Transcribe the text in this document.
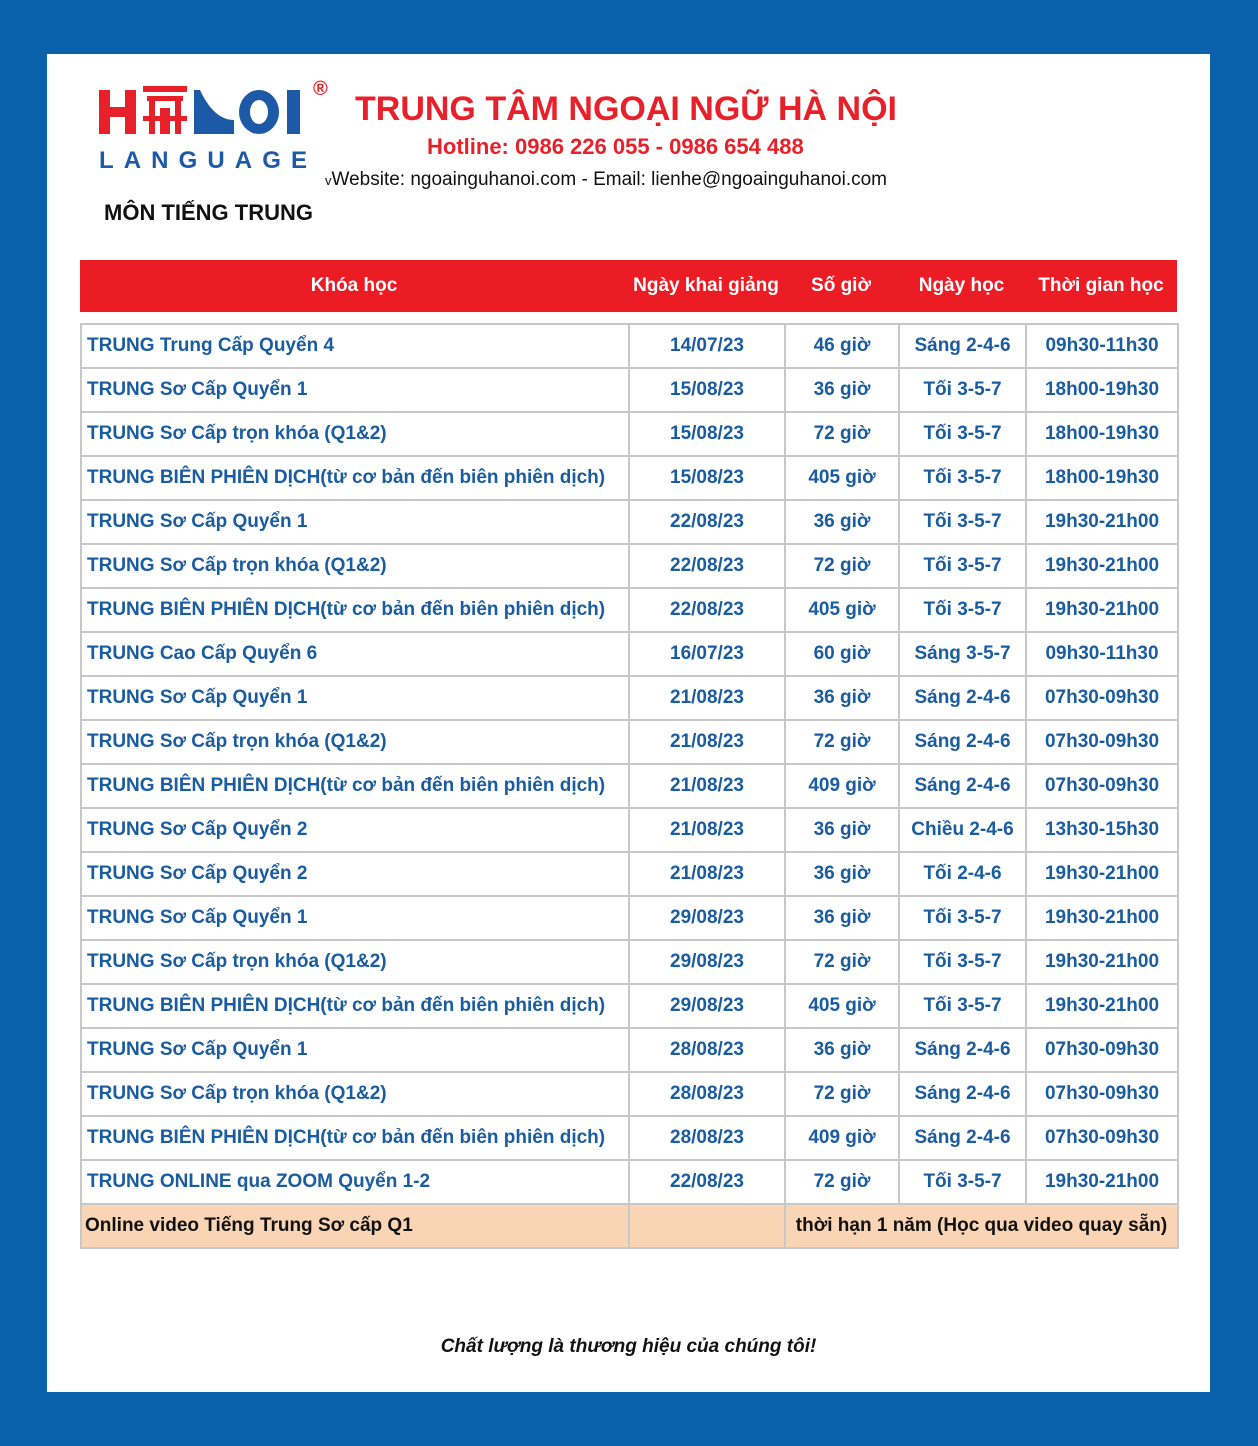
LANGUAGE
®
TRUNG TÂM NGOẠI NGỮ HÀ NỘI
Hotline: 0986 226 055 - 0986 654 488
vWebsite: ngoainguhanoi.com - Email: lienhe@ngoainguhanoi.com
MÔN TIẾNG TRUNG
Khóa học	Ngày khai giảng	Số giờ	Ngày học	Thời gian học
TRUNG Trung Cấp Quyển 4	14/07/23	46 giờ	Sáng 2-4-6	09h30-11h30
TRUNG Sơ Cấp Quyển 1	15/08/23	36 giờ	Tối 3-5-7	18h00-19h30
TRUNG Sơ Cấp trọn khóa (Q1&2)	15/08/23	72 giờ	Tối 3-5-7	18h00-19h30
TRUNG BIÊN PHIÊN DỊCH(từ cơ bản đến biên phiên dịch)	15/08/23	405 giờ	Tối 3-5-7	18h00-19h30
TRUNG Sơ Cấp Quyển 1	22/08/23	36 giờ	Tối 3-5-7	19h30-21h00
TRUNG Sơ Cấp trọn khóa (Q1&2)	22/08/23	72 giờ	Tối 3-5-7	19h30-21h00
TRUNG BIÊN PHIÊN DỊCH(từ cơ bản đến biên phiên dịch)	22/08/23	405 giờ	Tối 3-5-7	19h30-21h00
TRUNG Cao Cấp Quyển 6	16/07/23	60 giờ	Sáng 3-5-7	09h30-11h30
TRUNG Sơ Cấp Quyển 1	21/08/23	36 giờ	Sáng 2-4-6	07h30-09h30
TRUNG Sơ Cấp trọn khóa (Q1&2)	21/08/23	72 giờ	Sáng 2-4-6	07h30-09h30
TRUNG BIÊN PHIÊN DỊCH(từ cơ bản đến biên phiên dịch)	21/08/23	409 giờ	Sáng 2-4-6	07h30-09h30
TRUNG Sơ Cấp Quyển 2	21/08/23	36 giờ	Chiều 2-4-6	13h30-15h30
TRUNG Sơ Cấp Quyển 2	21/08/23	36 giờ	Tối 2-4-6	19h30-21h00
TRUNG Sơ Cấp Quyển 1	29/08/23	36 giờ	Tối 3-5-7	19h30-21h00
TRUNG Sơ Cấp trọn khóa (Q1&2)	29/08/23	72 giờ	Tối 3-5-7	19h30-21h00
TRUNG BIÊN PHIÊN DỊCH(từ cơ bản đến biên phiên dịch)	29/08/23	405 giờ	Tối 3-5-7	19h30-21h00
TRUNG Sơ Cấp Quyển 1	28/08/23	36 giờ	Sáng 2-4-6	07h30-09h30
TRUNG Sơ Cấp trọn khóa (Q1&2)	28/08/23	72 giờ	Sáng 2-4-6	07h30-09h30
TRUNG BIÊN PHIÊN DỊCH(từ cơ bản đến biên phiên dịch)	28/08/23	409 giờ	Sáng 2-4-6	07h30-09h30
TRUNG ONLINE qua ZOOM Quyển 1-2	22/08/23	72 giờ	Tối 3-5-7	19h30-21h00
Online video Tiếng Trung Sơ cấp Q1		thời hạn 1 năm (Học qua video quay sẵn)		
Chất lượng là thương hiệu của chúng tôi!
